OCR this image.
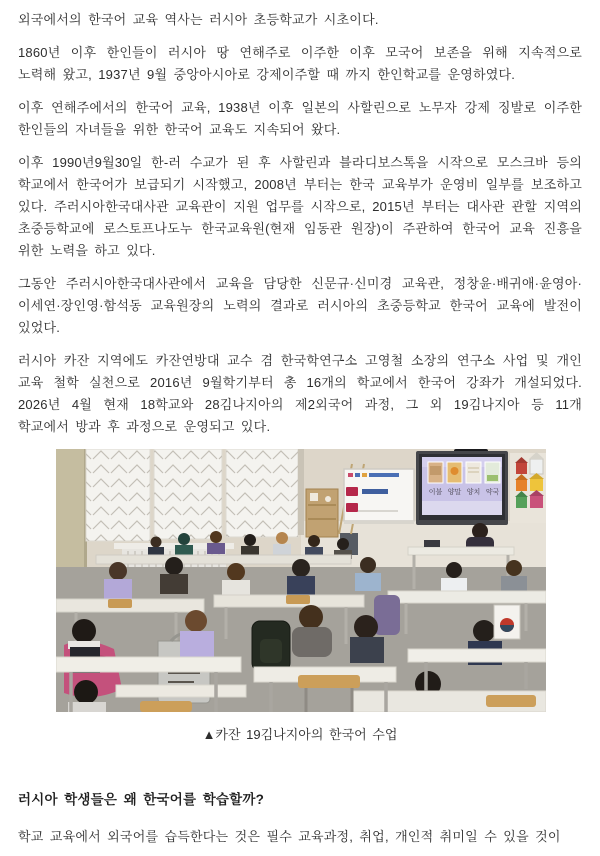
외국에서의 한국어 교육 역사는 러시아 초등학교가 시초이다.

1860년 이후 한인들이 러시아 땅 연해주로 이주한 이후 모국어 보존을 위해 지속적으로 노력해 왔고, 1937년 9월 중앙아시아로 강제이주할 때 까지 한인학교를 운영하였다.

이후 연해주에서의 한국어 교육, 1938년 이후 일본의 사할린으로 노무자 강제 징발로 이주한 한인들의 자녀들을 위한 한국어 교육도 지속되어 왔다.

이후 1990년9월30일 한-러 수교가 된 후 사할린과 블라디보스톡을 시작으로 모스크바 등의 학교에서 한국어가 보급되기 시작했고, 2008년 부터는 한국 교육부가 운영비 일부를 보조하고 있다. 주러시아한국대사관 교육관이 지원 업무를 시작으로, 2015년 부터는 대사관 관할 지역의 초중등학교에 로스토프나도누 한국교육원(현재 임동관 원장)이 주관하여 한국어 교육 진흥을 위한 노력을 하고 있다.

그동안 주러시아한국대사관에서 교육을 담당한 신문규·신미경 교육관, 정창윤·배귀애·윤영아·이세연·장인영·함석동 교육원장의 노력의 결과로 러시아의 초중등학교 한국어 교육에 발전이 있었다.

러시아 카잔 지역에도 카잔연방대 교수 겸 한국학연구소 고영철 소장의 연구소 사업 및 개인 교육 철학 실천으로 2016년 9월학기부터 총 16개의 학교에서 한국어 강좌가 개설되었다. 2026년 4월 현재 18학교와 28김나지아의 제2외국어 과정, 그 외 19김나지아 등 11개 학교에서 방과 후 과정으로 운영되고 있다.

이불 양말 양치 약국
▲카잔 19김나지아의 한국어 수업
러시아 학생들은 왜 한국어를 학습할까?

학교 교육에서 외국어를 습득한다는 것은 필수 교육과정, 취업, 개인적 취미일 수 있을 것이
